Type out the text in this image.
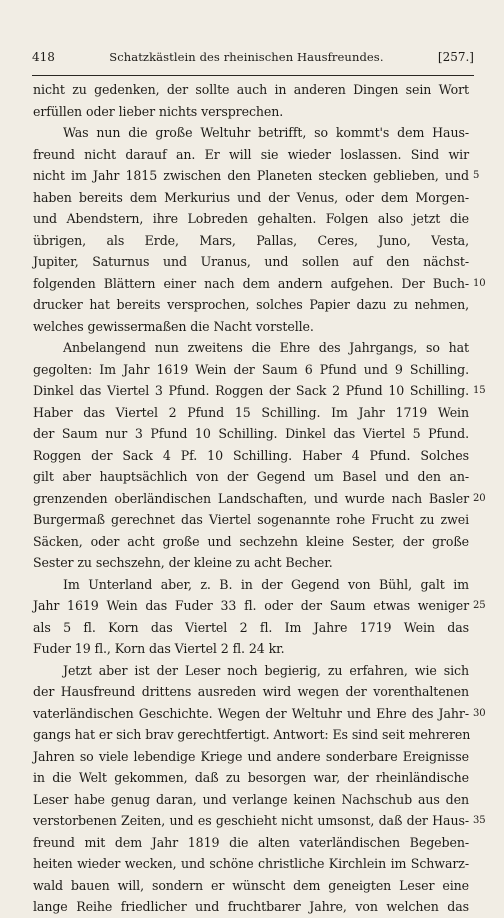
418	Schatzkästlein des rheinischen Hausfreundes.	[257.]
nicht zu gedenken, der sollte auch in anderen Dingen sein Wort
erfüllen oder lieber nichts versprechen.
Was nun die große Weltuhr betrifft, so kommt's dem Haus-
freund nicht darauf an. Er will sie wieder loslassen. Sind wir
nicht im Jahr 1815 zwischen den Planeten stecken geblieben, und 5
haben bereits dem Merkurius und der Venus, oder dem Morgen-
und Abendstern, ihre Lobreden gehalten. Folgen also jetzt die
übrigen, als Erde, Mars, Pallas, Ceres, Juno, Vesta,
Jupiter, Saturnus und Uranus, und sollen auf den nächst-
folgenden Blättern einer nach dem andern aufgehen. Der Buch- 10
drucker hat bereits versprochen, solches Papier dazu zu nehmen,
welches gewissermaßen die Nacht vorstelle.
Anbelangend nun zweitens die Ehre des Jahrgangs, so hat
gegolten: Im Jahr 1619 Wein der Saum 6 Pfund und 9 Schilling.
Dinkel das Viertel 3 Pfund. Roggen der Sack 2 Pfund 10 Schilling. 15
Haber das Viertel 2 Pfund 15 Schilling. Im Jahr 1719 Wein
der Saum nur 3 Pfund 10 Schilling. Dinkel das Viertel 5 Pfund.
Roggen der Sack 4 Pf. 10 Schilling. Haber 4 Pfund. Solches
gilt aber hauptsächlich von der Gegend um Basel und den an-
grenzenden oberländischen Landschaften, und wurde nach Basler 20
Burgermaß gerechnet das Viertel sogenannte rohe Frucht zu zwei
Säcken, oder acht große und sechzehn kleine Sester, der große
Sester zu sechszehn, der kleine zu acht Becher.
Im Unterland aber, z. B. in der Gegend von Bühl, galt im
Jahr 1619 Wein das Fuder 33 fl. oder der Saum etwas weniger 25
als 5 fl. Korn das Viertel 2 fl. Im Jahre 1719 Wein das
Fuder 19 fl., Korn das Viertel 2 fl. 24 kr.
Jetzt aber ist der Leser noch begierig, zu erfahren, wie sich
der Hausfreund drittens ausreden wird wegen der vorenthaltenen
vaterländischen Geschichte. Wegen der Weltuhr und Ehre des Jahr- 30
gangs hat er sich brav gerechtfertigt. Antwort: Es sind seit mehreren
Jahren so viele lebendige Kriege und andere sonderbare Ereignisse
in die Welt gekommen, daß zu besorgen war, der rheinländische
Leser habe genug daran, und verlange keinen Nachschub aus den
verstorbenen Zeiten, und es geschieht nicht umsonst, daß der Haus- 35
freund mit dem Jahr 1819 die alten vaterländischen Begeben-
heiten wieder wecken, und schöne christliche Kirchlein im Schwarz-
wald bauen will, sondern er wünscht dem geneigten Leser eine
lange Reihe friedlicher und fruchtbarer Jahre, von welchen das
